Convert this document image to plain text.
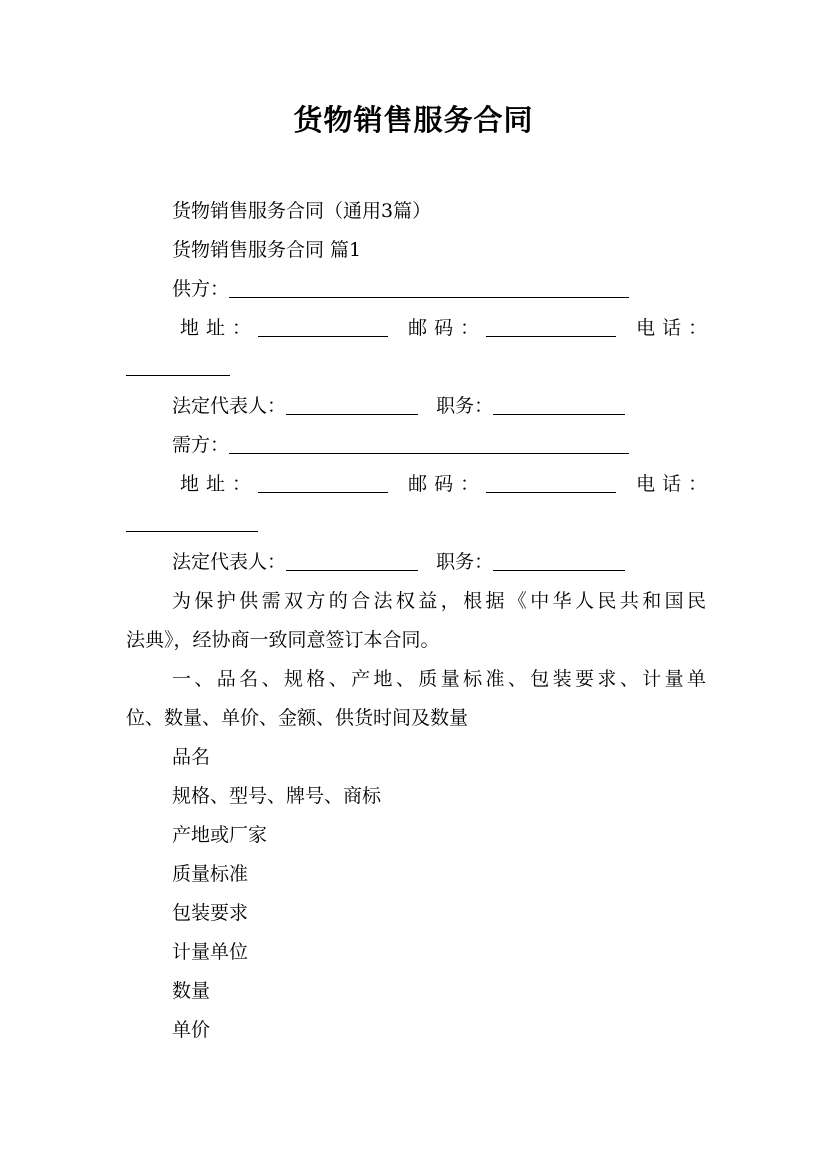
货物销售服务合同
货物销售服务合同（通用3篇）
货物销售服务合同 篇1
供方：
地址：	邮码：	电话：
法定代表人：	职务：
需方：
地址：	邮码：	电话：
法定代表人：	职务：
为保护供需双方的合法权益，根据《中华人民共和国民
法典》，经协商一致同意签订本合同。
一、品名、规格、产地、质量标准、包装要求、计量单
位、数量、单价、金额、供货时间及数量
品名
规格、型号、牌号、商标
产地或厂家
质量标准
包装要求
计量单位
数量
单价
